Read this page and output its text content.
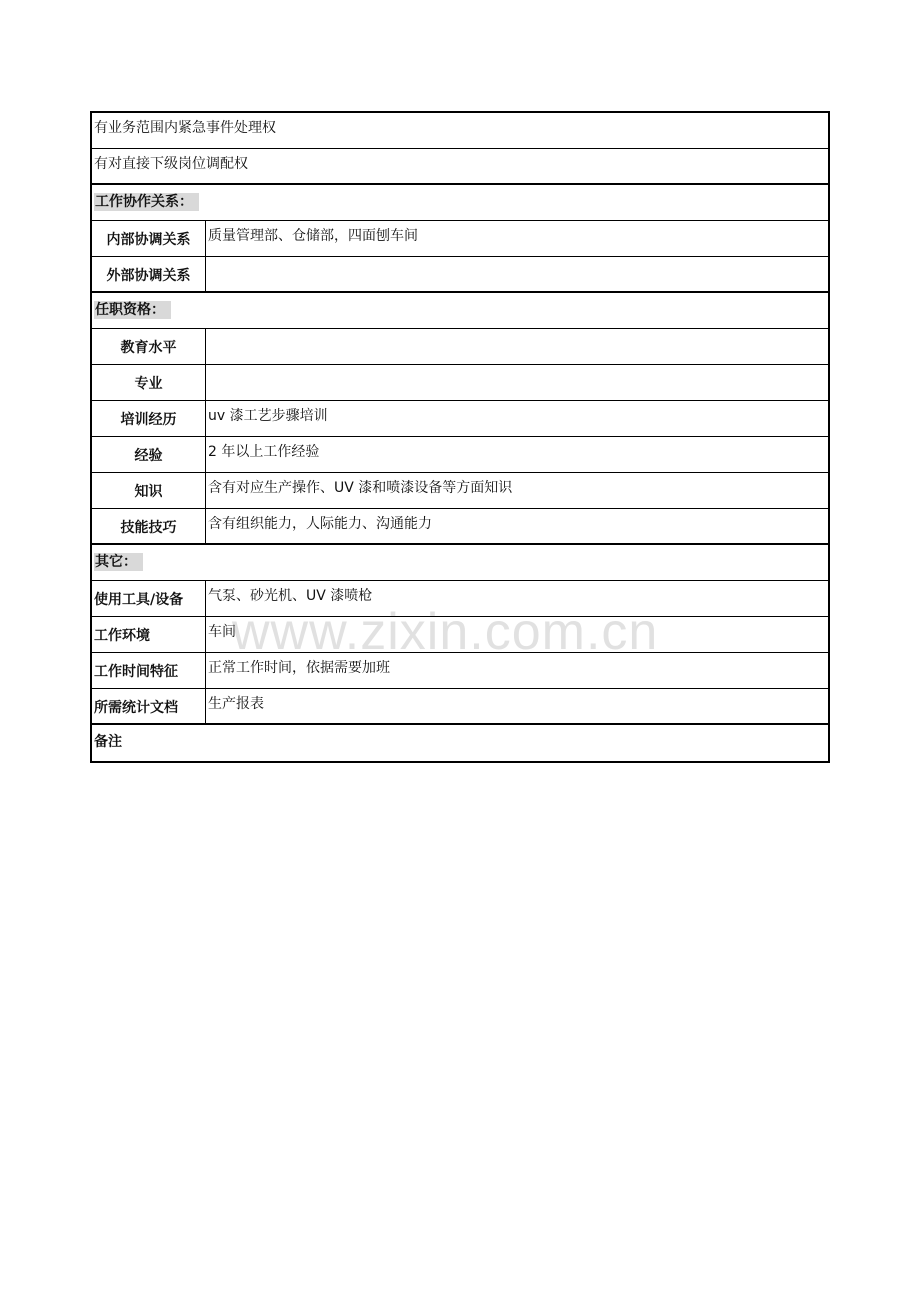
有业务范围内紧急事件处理权
有对直接下级岗位调配权
工作协作关系：
内部协调关系	质量管理部、仓储部，四面刨车间
外部协调关系
任职资格：
教育水平
专业
培训经历	uv 漆工艺步骤培训
经验	2 年以上工作经验
知识	含有对应生产操作、UV 漆和喷漆设备等方面知识
技能技巧	含有组织能力，人际能力、沟通能力
其它：
使用工具/设备	气泵、砂光机、UV 漆喷枪
工作环境	车间
工作时间特征	正常工作时间，依据需要加班
所需统计文档	生产报表
备注
www.zixin.com.cn
